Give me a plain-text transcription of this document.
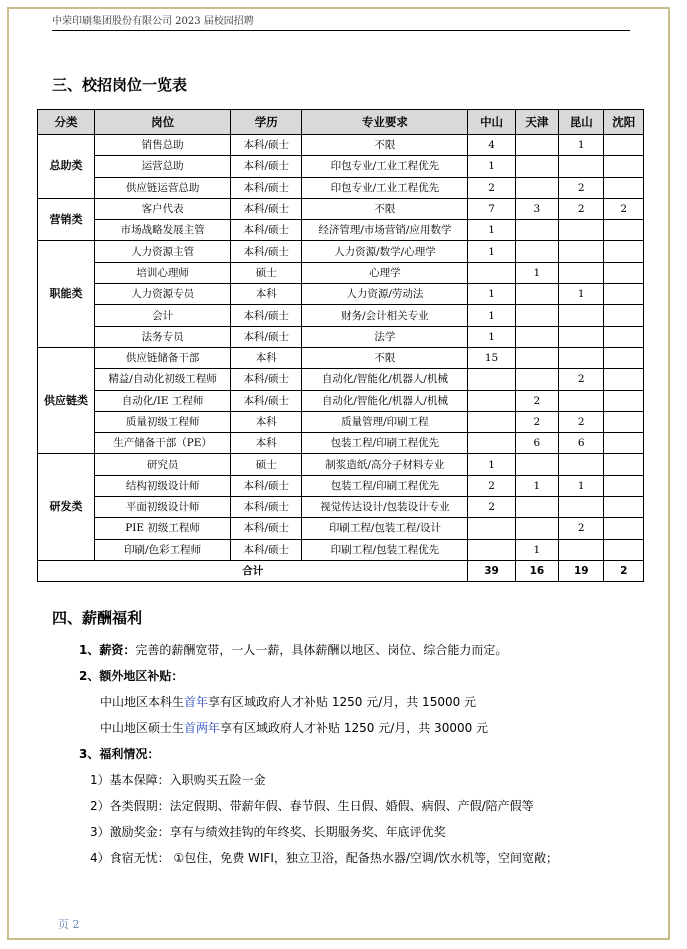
中荣印刷集团股份有限公司 2023 届校园招聘
三、校招岗位一览表
分类	岗位	学历	专业要求	中山	天津	昆山	沈阳
总助类	销售总助	本科/硕士	不限	4		1	
	运营总助	本科/硕士	印包专业/工业工程优先	1			
	供应链运营总助	本科/硕士	印包专业/工业工程优先	2		2	
营销类	客户代表	本科/硕士	不限	7	3	2	2
	市场战略发展主管	本科/硕士	经济管理/市场营销/应用数学	1			
职能类	人力资源主管	本科/硕士	人力资源/数学/心理学	1			
	培训心理师	硕士	心理学		1		
	人力资源专员	本科	人力资源/劳动法	1		1	
	会计	本科/硕士	财务/会计相关专业	1			
	法务专员	本科/硕士	法学	1			
供应链类	供应链储备干部	本科	不限	15			
	精益/自动化初级工程师	本科/硕士	自动化/智能化/机器人/机械			2	
	自动化/IE 工程师	本科/硕士	自动化/智能化/机器人/机械		2		
	质量初级工程师	本科	质量管理/印刷工程		2	2	
	生产储备干部（PE）	本科	包装工程/印刷工程优先		6	6	
研发类	研究员	硕士	制浆造纸/高分子材料专业	1			
	结构初级设计师	本科/硕士	包装工程/印刷工程优先	2	1	1	
	平面初级设计师	本科/硕士	视觉传达设计/包装设计专业	2			
	PIE 初级工程师	本科/硕士	印刷工程/包装工程/设计			2	
	印刷/色彩工程师	本科/硕士	印刷工程/包装工程优先		1		
合计				39	16	19	2
四、薪酬福利
1、薪资：完善的薪酬宽带，一人一薪，具体薪酬以地区、岗位、综合能力而定。
2、额外地区补贴：
中山地区本科生首年享有区域政府人才补贴 1250 元/月，共 15000 元
中山地区硕士生首两年享有区域政府人才补贴 1250 元/月，共 30000 元
3、福利情况：
1）基本保障：入职购买五险一金
2）各类假期：法定假期、带薪年假、春节假、生日假、婚假、病假、产假/陪产假等
3）激励奖金：享有与绩效挂钩的年终奖、长期服务奖、年底评优奖
4）食宿无忧： ①包住，免费 WIFI，独立卫浴，配备热水器/空调/饮水机等，空间宽敞；
页 2
